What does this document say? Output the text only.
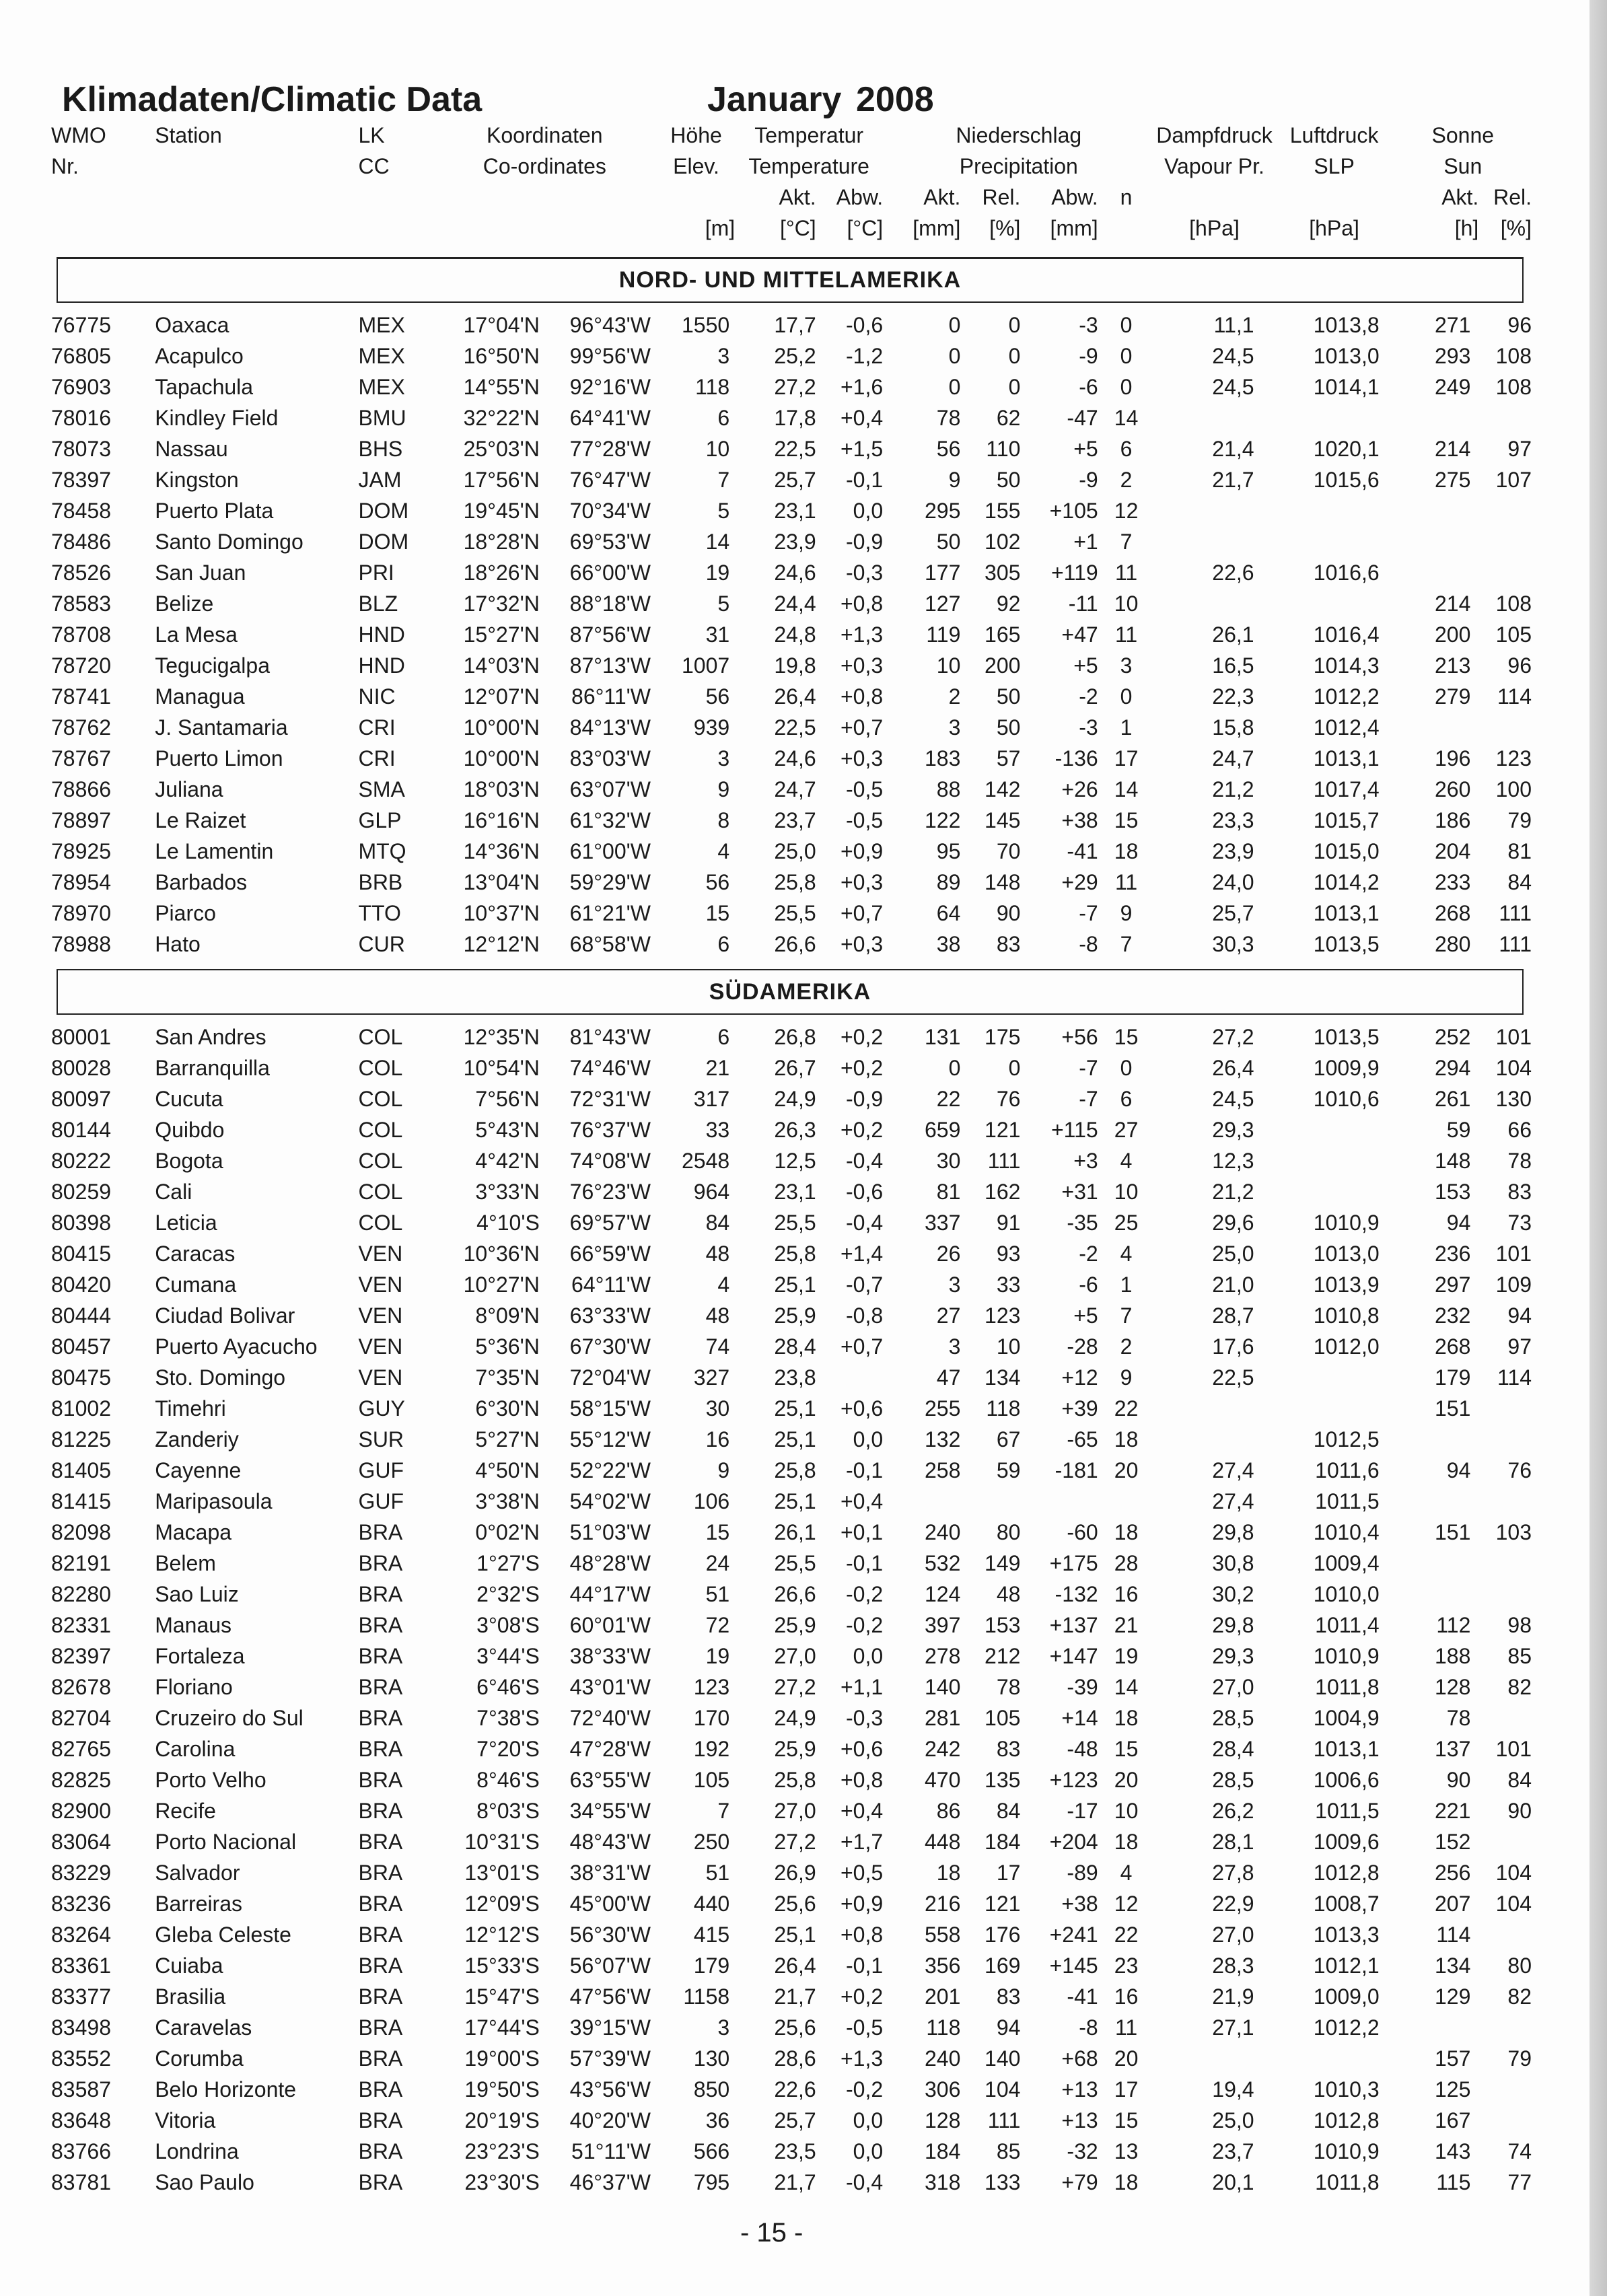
Klimadaten/Climatic Data	January 2008
WMO	Station	LK	Koordinaten	Höhe	Temperatur		Niederschlag				Dampfdruck	Luftdruck	Sonne	
Nr.		CC	Co-ordinates	Elev.	Temperature		Precipitation				Vapour Pr.	SLP	Sun	
					Akt.	Abw.	Akt.	Rel.	Abw.	n			Akt.	Rel.
				[m]	[°C]	[°C]	[mm]	[%]	[mm]		[hPa]	[hPa]	[h]	[%]
NORD- UND MITTELAMERIKA
76775	Oaxaca	MEX	17°04'N	96°43'W	1550	17,7	-0,6	0	0	-3	0	11,1	1013,8	271	96
76805	Acapulco	MEX	16°50'N	99°56'W	3	25,2	-1,2	0	0	-9	0	24,5	1013,0	293	108
76903	Tapachula	MEX	14°55'N	92°16'W	118	27,2	+1,6	0	0	-6	0	24,5	1014,1	249	108
78016	Kindley Field	BMU	32°22'N	64°41'W	6	17,8	+0,4	78	62	-47	14				
78073	Nassau	BHS	25°03'N	77°28'W	10	22,5	+1,5	56	110	+5	6	21,4	1020,1	214	97
78397	Kingston	JAM	17°56'N	76°47'W	7	25,7	-0,1	9	50	-9	2	21,7	1015,6	275	107
78458	Puerto Plata	DOM	19°45'N	70°34'W	5	23,1	0,0	295	155	+105	12				
78486	Santo Domingo	DOM	18°28'N	69°53'W	14	23,9	-0,9	50	102	+1	7				
78526	San Juan	PRI	18°26'N	66°00'W	19	24,6	-0,3	177	305	+119	11	22,6	1016,6		
78583	Belize	BLZ	17°32'N	88°18'W	5	24,4	+0,8	127	92	-11	10			214	108
78708	La Mesa	HND	15°27'N	87°56'W	31	24,8	+1,3	119	165	+47	11	26,1	1016,4	200	105
78720	Tegucigalpa	HND	14°03'N	87°13'W	1007	19,8	+0,3	10	200	+5	3	16,5	1014,3	213	96
78741	Managua	NIC	12°07'N	86°11'W	56	26,4	+0,8	2	50	-2	0	22,3	1012,2	279	114
78762	J. Santamaria	CRI	10°00'N	84°13'W	939	22,5	+0,7	3	50	-3	1	15,8	1012,4		
78767	Puerto Limon	CRI	10°00'N	83°03'W	3	24,6	+0,3	183	57	-136	17	24,7	1013,1	196	123
78866	Juliana	SMA	18°03'N	63°07'W	9	24,7	-0,5	88	142	+26	14	21,2	1017,4	260	100
78897	Le Raizet	GLP	16°16'N	61°32'W	8	23,7	-0,5	122	145	+38	15	23,3	1015,7	186	79
78925	Le Lamentin	MTQ	14°36'N	61°00'W	4	25,0	+0,9	95	70	-41	18	23,9	1015,0	204	81
78954	Barbados	BRB	13°04'N	59°29'W	56	25,8	+0,3	89	148	+29	11	24,0	1014,2	233	84
78970	Piarco	TTO	10°37'N	61°21'W	15	25,5	+0,7	64	90	-7	9	25,7	1013,1	268	111
78988	Hato	CUR	12°12'N	68°58'W	6	26,6	+0,3	38	83	-8	7	30,3	1013,5	280	111
SÜDAMERIKA
80001	San Andres	COL	12°35'N	81°43'W	6	26,8	+0,2	131	175	+56	15	27,2	1013,5	252	101
80028	Barranquilla	COL	10°54'N	74°46'W	21	26,7	+0,2	0	0	-7	0	26,4	1009,9	294	104
80097	Cucuta	COL	7°56'N	72°31'W	317	24,9	-0,9	22	76	-7	6	24,5	1010,6	261	130
80144	Quibdo	COL	5°43'N	76°37'W	33	26,3	+0,2	659	121	+115	27	29,3		59	66
80222	Bogota	COL	4°42'N	74°08'W	2548	12,5	-0,4	30	111	+3	4	12,3		148	78
80259	Cali	COL	3°33'N	76°23'W	964	23,1	-0,6	81	162	+31	10	21,2		153	83
80398	Leticia	COL	4°10'S	69°57'W	84	25,5	-0,4	337	91	-35	25	29,6	1010,9	94	73
80415	Caracas	VEN	10°36'N	66°59'W	48	25,8	+1,4	26	93	-2	4	25,0	1013,0	236	101
80420	Cumana	VEN	10°27'N	64°11'W	4	25,1	-0,7	3	33	-6	1	21,0	1013,9	297	109
80444	Ciudad Bolivar	VEN	8°09'N	63°33'W	48	25,9	-0,8	27	123	+5	7	28,7	1010,8	232	94
80457	Puerto Ayacucho	VEN	5°36'N	67°30'W	74	28,4	+0,7	3	10	-28	2	17,6	1012,0	268	97
80475	Sto. Domingo	VEN	7°35'N	72°04'W	327	23,8		47	134	+12	9	22,5		179	114
81002	Timehri	GUY	6°30'N	58°15'W	30	25,1	+0,6	255	118	+39	22			151	
81225	Zanderiy	SUR	5°27'N	55°12'W	16	25,1	0,0	132	67	-65	18		1012,5		
81405	Cayenne	GUF	4°50'N	52°22'W	9	25,8	-0,1	258	59	-181	20	27,4	1011,6	94	76
81415	Maripasoula	GUF	3°38'N	54°02'W	106	25,1	+0,4					27,4	1011,5		
82098	Macapa	BRA	0°02'N	51°03'W	15	26,1	+0,1	240	80	-60	18	29,8	1010,4	151	103
82191	Belem	BRA	1°27'S	48°28'W	24	25,5	-0,1	532	149	+175	28	30,8	1009,4		
82280	Sao Luiz	BRA	2°32'S	44°17'W	51	26,6	-0,2	124	48	-132	16	30,2	1010,0		
82331	Manaus	BRA	3°08'S	60°01'W	72	25,9	-0,2	397	153	+137	21	29,8	1011,4	112	98
82397	Fortaleza	BRA	3°44'S	38°33'W	19	27,0	0,0	278	212	+147	19	29,3	1010,9	188	85
82678	Floriano	BRA	6°46'S	43°01'W	123	27,2	+1,1	140	78	-39	14	27,0	1011,8	128	82
82704	Cruzeiro do Sul	BRA	7°38'S	72°40'W	170	24,9	-0,3	281	105	+14	18	28,5	1004,9	78	
82765	Carolina	BRA	7°20'S	47°28'W	192	25,9	+0,6	242	83	-48	15	28,4	1013,1	137	101
82825	Porto Velho	BRA	8°46'S	63°55'W	105	25,8	+0,8	470	135	+123	20	28,5	1006,6	90	84
82900	Recife	BRA	8°03'S	34°55'W	7	27,0	+0,4	86	84	-17	10	26,2	1011,5	221	90
83064	Porto Nacional	BRA	10°31'S	48°43'W	250	27,2	+1,7	448	184	+204	18	28,1	1009,6	152	
83229	Salvador	BRA	13°01'S	38°31'W	51	26,9	+0,5	18	17	-89	4	27,8	1012,8	256	104
83236	Barreiras	BRA	12°09'S	45°00'W	440	25,6	+0,9	216	121	+38	12	22,9	1008,7	207	104
83264	Gleba Celeste	BRA	12°12'S	56°30'W	415	25,1	+0,8	558	176	+241	22	27,0	1013,3	114	
83361	Cuiaba	BRA	15°33'S	56°07'W	179	26,4	-0,1	356	169	+145	23	28,3	1012,1	134	80
83377	Brasilia	BRA	15°47'S	47°56'W	1158	21,7	+0,2	201	83	-41	16	21,9	1009,0	129	82
83498	Caravelas	BRA	17°44'S	39°15'W	3	25,6	-0,5	118	94	-8	11	27,1	1012,2		
83552	Corumba	BRA	19°00'S	57°39'W	130	28,6	+1,3	240	140	+68	20			157	79
83587	Belo Horizonte	BRA	19°50'S	43°56'W	850	22,6	-0,2	306	104	+13	17	19,4	1010,3	125	
83648	Vitoria	BRA	20°19'S	40°20'W	36	25,7	0,0	128	111	+13	15	25,0	1012,8	167	
83766	Londrina	BRA	23°23'S	51°11'W	566	23,5	0,0	184	85	-32	13	23,7	1010,9	143	74
83781	Sao Paulo	BRA	23°30'S	46°37'W	795	21,7	-0,4	318	133	+79	18	20,1	1011,8	115	77
- 15 -
